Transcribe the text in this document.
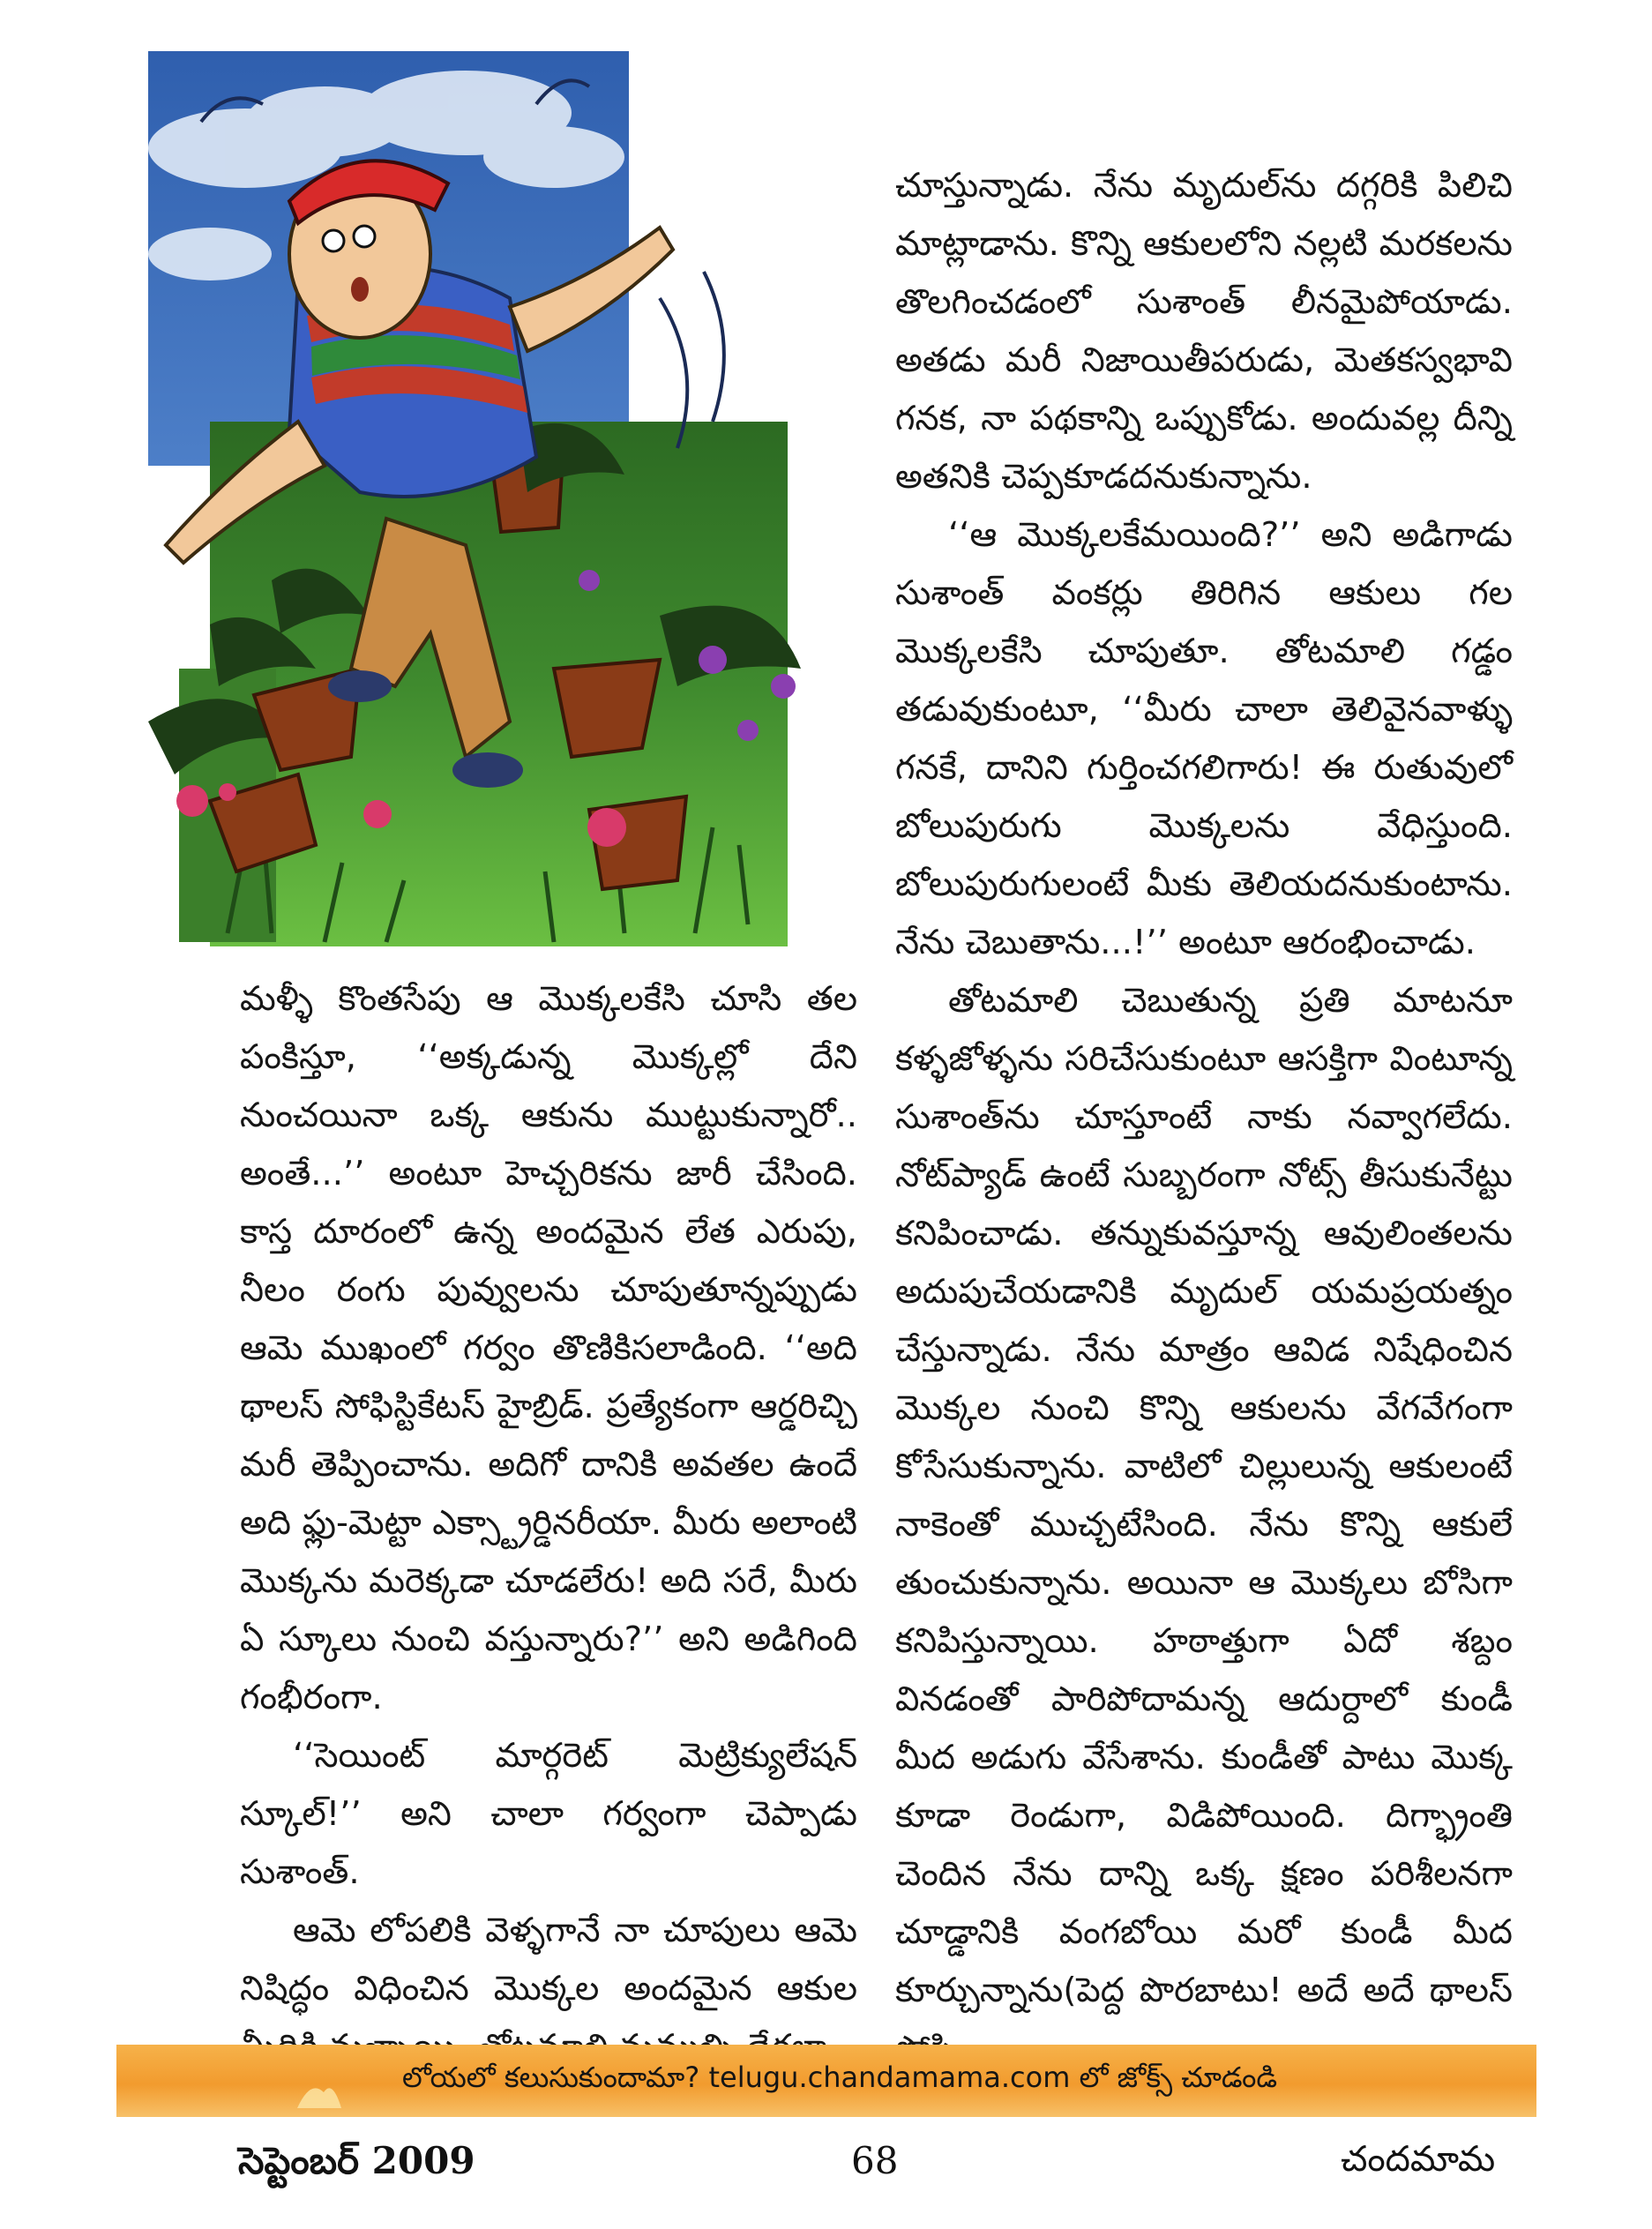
చూస్తున్నాడు. నేను మృదుల్‌ను దగ్గరికి పిలిచి మాట్లాడాను. కొన్ని ఆకులలోని నల్లటి మరకలను తొలగించడంలో సుశాంత్ లీనమైపోయాడు. అతడు మరీ నిజాయితీపరుడు, మెతకస్వభావి గనక, నా పథకాన్ని ఒప్పుకోడు. అందువల్ల దీన్ని అతనికి చెప్పకూడదనుకున్నాను.

‘‘ఆ మొక్కలకేమయింది?’’ అని అడిగాడు సుశాంత్ వంకర్లు తిరిగిన ఆకులు గల మొక్కలకేసి చూపుతూ. తోటమాలి గడ్డం తడువుకుంటూ, ‘‘మీరు చాలా తెలివైనవాళ్ళు గనకే, దానిని గుర్తించగలిగారు! ఈ రుతువులో బోలుపురుగు మొక్కలను వేధిస్తుంది. బోలుపురుగులంటే మీకు తెలియదనుకుంటాను. నేను చెబుతాను...!’’ అంటూ ఆరంభించాడు.

తోటమాలి చెబుతున్న ప్రతి మాటనూ కళ్ళజోళ్ళను సరిచేసుకుంటూ ఆసక్తిగా వింటూన్న సుశాంత్‌ను చూస్తూంటే నాకు నవ్వాగలేదు. నోట్‌ప్యాడ్ ఉంటే సుబ్బరంగా నోట్స్ తీసుకునేట్టు కనిపించాడు. తన్నుకువస్తూన్న ఆవులింతలను అదుపుచేయడానికి మృదుల్ యమప్రయత్నం చేస్తున్నాడు. నేను మాత్రం ఆవిడ నిషేధించిన మొక్కల నుంచి కొన్ని ఆకులను వేగవేగంగా కోసేసుకున్నాను. వాటిలో చిల్లులున్న ఆకులంటే నాకెంతో ముచ్చటేసింది. నేను కొన్ని ఆకులే తుంచుకున్నాను. అయినా ఆ మొక్కలు బోసిగా కనిపిస్తున్నాయి. హఠాత్తుగా ఏదో శబ్దం వినడంతో పారిపోదామన్న ఆదుర్దాలో కుండీ మీద అడుగు వేసేశాను. కుండీతో పాటు మొక్క కూడా రెండుగా, విడిపోయింది. దిగ్భ్రాంతి చెందిన నేను దాన్ని ఒక్క క్షణం పరిశీలనగా చూడ్డానికి వంగబోయి మరో కుండీ మీద కూర్చున్నాను(పెద్ద పొరబాటు! అదే అదే థాలస్

మళ్ళీ కొంతసేపు ఆ మొక్కలకేసి చూసి తల పంకిస్తూ, ‘‘అక్కడున్న మొక్కల్లో దేని నుంచయినా ఒక్క ఆకును ముట్టుకున్నారో.. అంతే...’’ అంటూ హెచ్చరికను జారీ చేసింది. కాస్త దూరంలో ఉన్న అందమైన లేత ఎరుపు, నీలం రంగు పువ్వులను చూపుతూన్నప్పుడు ఆమె ముఖంలో గర్వం తొణికిసలాడింది. ‘‘అది థాలస్ సోఫిస్టికేటస్ హైబ్రిడ్. ప్రత్యేకంగా ఆర్డరిచ్చి మరీ తెప్పించాను. అదిగో దానికి అవతల ఉందే అది ఫ్లు-మెట్టా ఎక్స్ట్రార్డినరీయా. మీరు అలాంటి మొక్కను మరెక్కడా చూడలేరు! అది సరే, మీరు ఏ స్కూలు నుంచి వస్తున్నారు?’’ అని అడిగింది గంభీరంగా.

‘‘సెయింట్ మార్గరెట్ మెట్రిక్యులేషన్ స్కూల్!’’ అని చాలా గర్వంగా చెప్పాడు సుశాంత్.

ఆమె లోపలికి వెళ్ళగానే నా చూపులు ఆమె నిషిద్ధం విధించిన మొక్కల అందమైన ఆకుల

లోయలో కలుసుకుందామా? telugu.chandamama.com లో జోక్స్ చూడండి
సెప్టెంబర్ 2009	68	చందమామ
